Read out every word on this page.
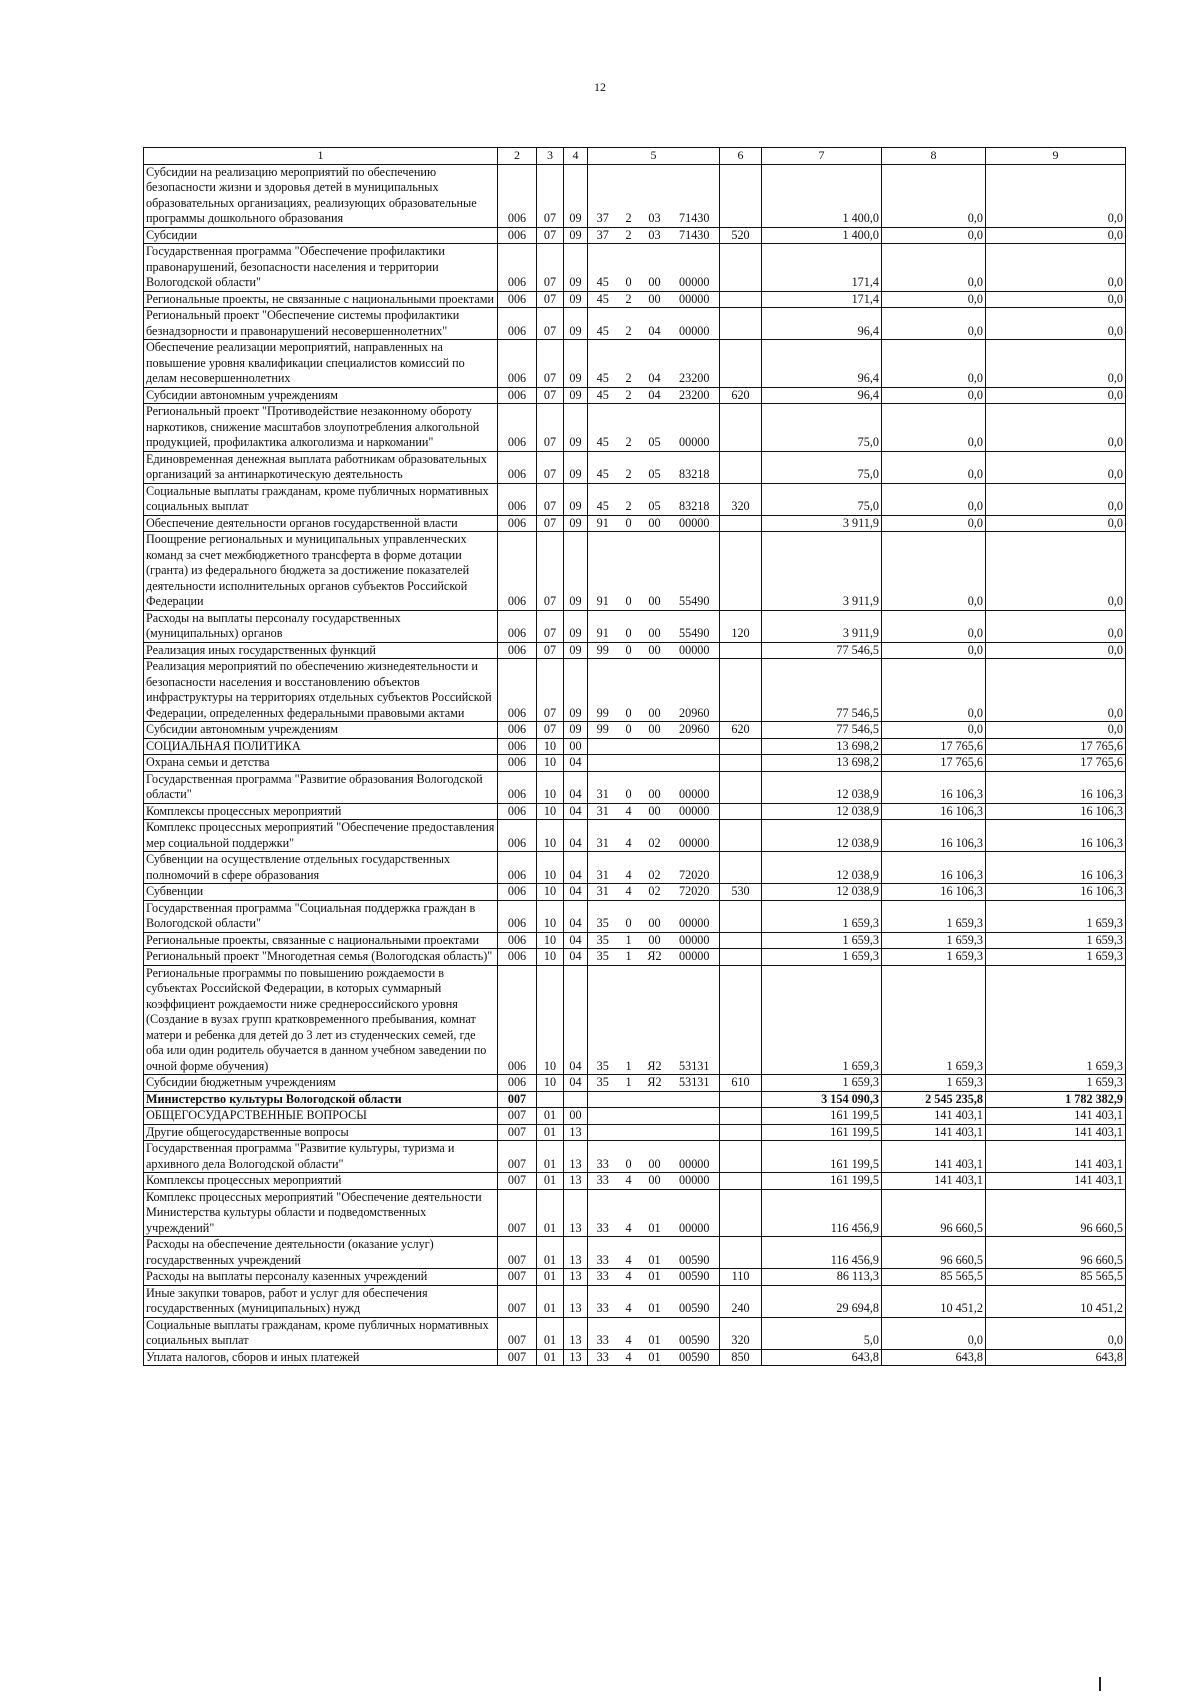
12
1	2	3	4	5				6	7	8	9
Субсидии на реализацию мероприятий по обеспечению безопасности жизни и здоровья детей в муниципальных образовательных организациях, реализующих образовательные программы дошкольного образования	006	07	09	37	2	03	71430		1 400,0	0,0	0,0
Субсидии	006	07	09	37	2	03	71430	520	1 400,0	0,0	0,0
Государственная программа "Обеспечение профилактики правонарушений, безопасности населения и территории Вологодской области"	006	07	09	45	0	00	00000		171,4	0,0	0,0
Региональные проекты, не связанные с национальными проектами	006	07	09	45	2	00	00000		171,4	0,0	0,0
Региональный проект "Обеспечение системы профилактики безнадзорности и правонарушений несовершеннолетних"	006	07	09	45	2	04	00000		96,4	0,0	0,0
Обеспечение реализации мероприятий, направленных на повышение уровня квалификации специалистов комиссий по делам несовершеннолетних	006	07	09	45	2	04	23200		96,4	0,0	0,0
Субсидии автономным учреждениям	006	07	09	45	2	04	23200	620	96,4	0,0	0,0
Региональный проект "Противодействие незаконному обороту наркотиков, снижение масштабов злоупотребления алкогольной продукцией, профилактика алкоголизма и наркомании"	006	07	09	45	2	05	00000		75,0	0,0	0,0
Единовременная денежная выплата работникам образовательных организаций за антинаркотическую деятельность	006	07	09	45	2	05	83218		75,0	0,0	0,0
Социальные выплаты гражданам, кроме публичных нормативных социальных выплат	006	07	09	45	2	05	83218	320	75,0	0,0	0,0
Обеспечение деятельности органов государственной власти	006	07	09	91	0	00	00000		3 911,9	0,0	0,0
Поощрение региональных и муниципальных управленческих команд за счет межбюджетного трансферта в форме дотации (гранта) из федерального бюджета за достижение показателей деятельности исполнительных органов субъектов Российской Федерации	006	07	09	91	0	00	55490		3 911,9	0,0	0,0
Расходы на выплаты персоналу государственных (муниципальных) органов	006	07	09	91	0	00	55490	120	3 911,9	0,0	0,0
Реализация иных государственных функций	006	07	09	99	0	00	00000		77 546,5	0,0	0,0
Реализация мероприятий по обеспечению жизнедеятельности и безопасности населения и восстановлению объектов инфраструктуры на территориях отдельных субъектов Российской Федерации, определенных федеральными правовыми актами	006	07	09	99	0	00	20960		77 546,5	0,0	0,0
Субсидии автономным учреждениям	006	07	09	99	0	00	20960	620	77 546,5	0,0	0,0
СОЦИАЛЬНАЯ ПОЛИТИКА	006	10	00						13 698,2	17 765,6	17 765,6
Охрана семьи и детства	006	10	04						13 698,2	17 765,6	17 765,6
Государственная программа "Развитие образования Вологодской области"	006	10	04	31	0	00	00000		12 038,9	16 106,3	16 106,3
Комплексы процессных мероприятий	006	10	04	31	4	00	00000		12 038,9	16 106,3	16 106,3
Комплекс процессных мероприятий "Обеспечение предоставления мер социальной поддержки"	006	10	04	31	4	02	00000		12 038,9	16 106,3	16 106,3
Субвенции на осуществление отдельных государственных полномочий в сфере образования	006	10	04	31	4	02	72020		12 038,9	16 106,3	16 106,3
Субвенции	006	10	04	31	4	02	72020	530	12 038,9	16 106,3	16 106,3
Государственная программа "Социальная поддержка граждан в Вологодской области"	006	10	04	35	0	00	00000		1 659,3	1 659,3	1 659,3
Региональные проекты, связанные с национальными проектами	006	10	04	35	1	00	00000		1 659,3	1 659,3	1 659,3
Региональный проект "Многодетная семья (Вологодская область)"	006	10	04	35	1	Я2	00000		1 659,3	1 659,3	1 659,3
Региональные программы по повышению рождаемости в субъектах Российской Федерации, в которых суммарный коэффициент рождаемости ниже среднероссийского уровня (Создание в вузах групп кратковременного пребывания, комнат матери и ребенка для детей до 3 лет из студенческих семей, где оба или один родитель обучается в данном учебном заведении по очной форме обучения)	006	10	04	35	1	Я2	53131		1 659,3	1 659,3	1 659,3
Субсидии бюджетным учреждениям	006	10	04	35	1	Я2	53131	610	1 659,3	1 659,3	1 659,3
Министерство культуры Вологодской области	007								3 154 090,3	2 545 235,8	1 782 382,9
ОБЩЕГОСУДАРСТВЕННЫЕ ВОПРОСЫ	007	01	00						161 199,5	141 403,1	141 403,1
Другие общегосударственные вопросы	007	01	13						161 199,5	141 403,1	141 403,1
Государственная программа "Развитие культуры, туризма и архивного дела Вологодской области"	007	01	13	33	0	00	00000		161 199,5	141 403,1	141 403,1
Комплексы процессных мероприятий	007	01	13	33	4	00	00000		161 199,5	141 403,1	141 403,1
Комплекс процессных мероприятий "Обеспечение деятельности Министерства культуры области и подведомственных учреждений"	007	01	13	33	4	01	00000		116 456,9	96 660,5	96 660,5
Расходы на обеспечение деятельности (оказание услуг) государственных учреждений	007	01	13	33	4	01	00590		116 456,9	96 660,5	96 660,5
Расходы на выплаты персоналу казенных учреждений	007	01	13	33	4	01	00590	110	86 113,3	85 565,5	85 565,5
Иные закупки товаров, работ и услуг для обеспечения государственных (муниципальных) нужд	007	01	13	33	4	01	00590	240	29 694,8	10 451,2	10 451,2
Социальные выплаты гражданам, кроме публичных нормативных социальных выплат	007	01	13	33	4	01	00590	320	5,0	0,0	0,0
Уплата налогов, сборов и иных платежей	007	01	13	33	4	01	00590	850	643,8	643,8	643,8
